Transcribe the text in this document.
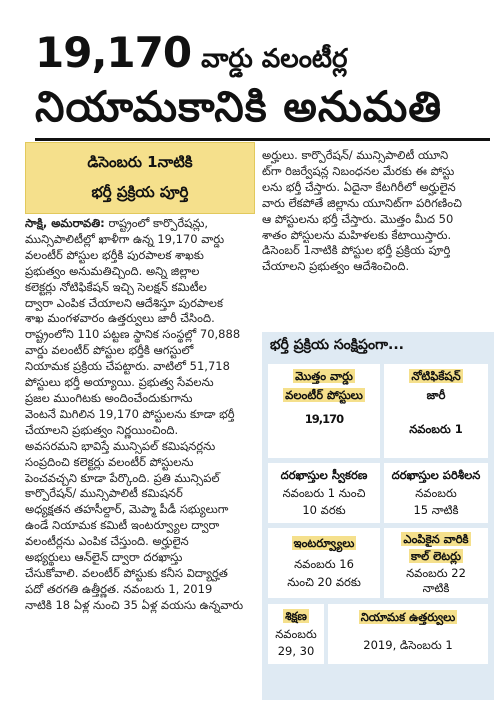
19,170 వార్డు వలంటీర్ల
నియామకానికి అనుమతి
డిసెంబరు 1నాటికి
భర్తీ ప్రక్రియ పూర్తి
సాక్షి, అమరావతి: రాష్ట్రంలో కార్పొరేషన్లు,
మున్సిపాలిటీల్లో ఖాళీగా ఉన్న 19,170 వార్డు
వలంటీర్ పోస్టుల భర్తీకి పురపాలక శాఖకు
ప్రభుత్వం అనుమతిచ్చింది. అన్ని జిల్లాల
కలెక్టర్లు నోటిఫికేషన్ ఇచ్చి సెలక్షన్ కమిటీల
ద్వారా ఎంపిక చేయాలని ఆదేశిస్తూ పురపాలక
శాఖ మంగళవారం ఉత్తర్వులు జారీ చేసింది.
రాష్ట్రంలోని 110 పట్టణ స్థానిక సంస్థల్లో 70,888
వార్డు వలంటీర్ పోస్టుల భర్తీకి ఆగస్టులో
నియామక ప్రక్రియ చేపట్టారు. వాటిలో 51,718
పోస్టులు భర్తీ అయ్యాయి. ప్రభుత్వ సేవలను
ప్రజల ముంగిటకు అందించేందుకుగాను
వెంటనే మిగిలిన 19,170 పోస్టులను కూడా భర్తీ
చేయాలని ప్రభుత్వం నిర్ణయించింది.
అవసరమని భావిస్తే మున్సిపల్ కమిషనర్లను
సంప్రదించి కలెక్టర్లు వలంటీర్ పోస్టులను
పెంచవచ్చని కూడా పేర్కొంది. ప్రతి మున్సిపల్
కార్పొరేషన్/ మున్సిపాలిటీ కమిషనర్
అధ్యక్షతన తహసీల్దార్, మెప్మా పీడీ సభ్యులుగా
ఉండే నియామక కమిటీ ఇంటర్వ్యూల ద్వారా
వలంటీర్లను ఎంపిక చేస్తుంది. అర్హులైన
అభ్యర్థులు ఆన్‌లైన్ ద్వారా దరఖాస్తు
చేసుకోవాలి. వలంటీర్ పోస్టుకు కనీస విద్యార్హత
పదో తరగతి ఉత్తీర్ణత. నవంబరు 1, 2019
నాటికి 18 ఏళ్ల నుంచి 35 ఏళ్ల వయసు ఉన్నవారు
అర్హులు. కార్పొరేషన్/ మున్సిపాలిటీ యూని
ట్‌గా రిజర్వేషన్ల నిబంధనల మేరకు ఈ పోస్టు
లను భర్తీ చేస్తారు. ఏదైనా కేటగిరీలో అర్హులైన
వారు లేకపోతే జిల్లాను యూనిట్‌గా పరిగణించి
ఆ పోస్టులను భర్తీ చేస్తారు. మొత్తం మీద 50
శాతం పోస్టులను మహిళలకు కేటాయిస్తారు.
డిసెంబర్ 1నాటికి పోస్టుల భర్తీ ప్రక్రియ పూర్తి
చేయాలని ప్రభుత్వం ఆదేశించింది.
భర్తీ ప్రక్రియ సంక్షిప్తంగా...
మొత్తం వార్డు
వలంటీర్ పోస్టులు
19,170
నోటిఫికేషన్
జారీ
నవంబరు 1
దరఖాస్తుల స్వీకరణ
నవంబరు 1 నుంచి
10 వరకు
దరఖాస్తుల పరిశీలన
నవంబరు
15 నాటికి
ఇంటర్వ్యూలు
నవంబరు 16
నుంచి 20 వరకు
ఎంపికైన వారికి
కాల్ లెటర్లు
నవంబరు 22
నాటికి
శిక్షణ
నవంబరు
29, 30
నియామక ఉత్తర్వులు
2019, డిసెంబరు 1
